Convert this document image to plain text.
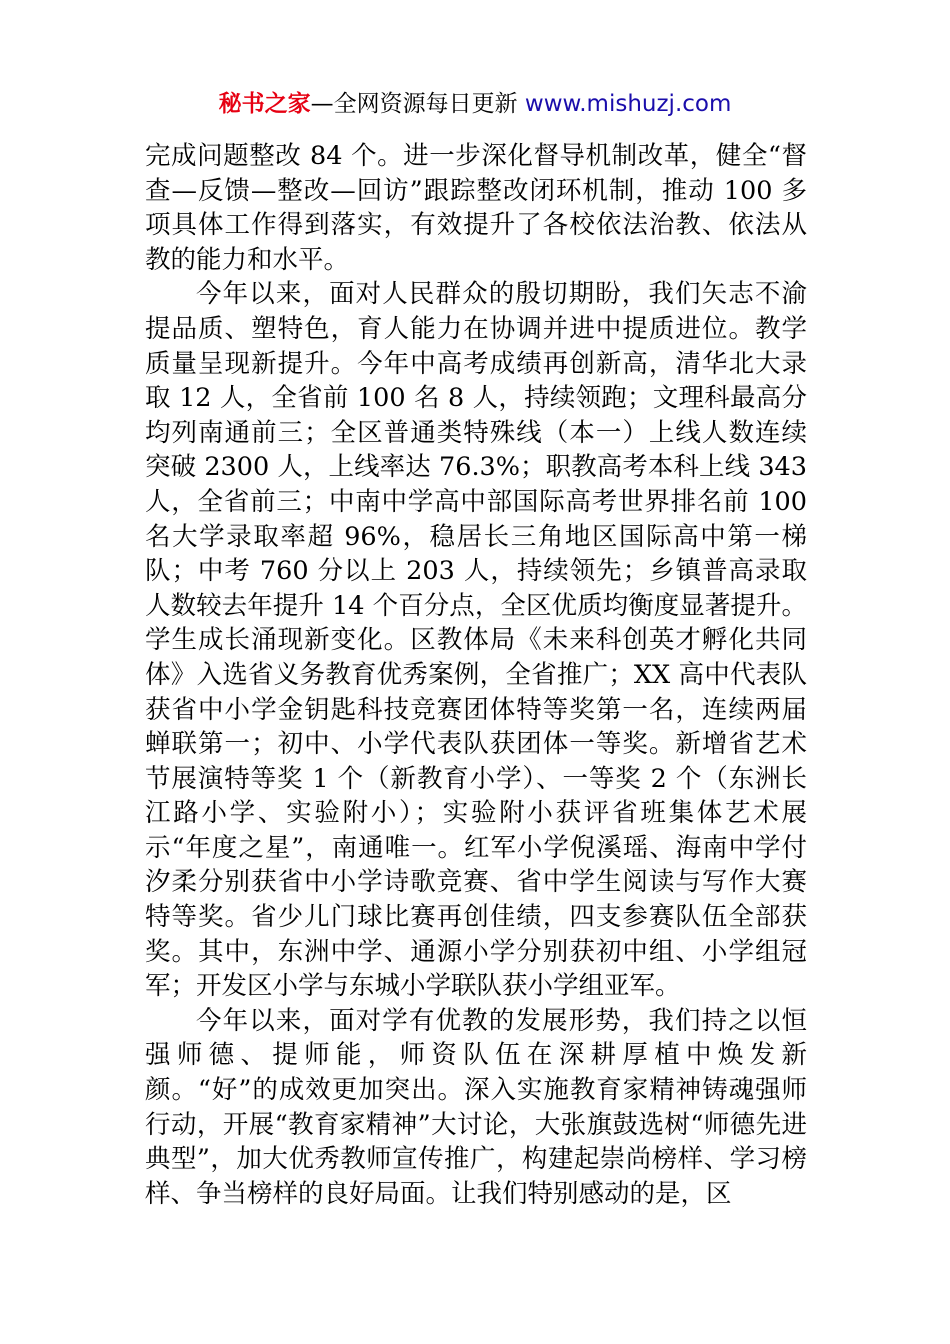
秘书之家—全网资源每日更新 www.mishuzj.com

完成问题整改 84 个。进一步深化督导机制改革，健全“督查—反馈—整改—回访”跟踪整改闭环机制，推动 100 多项具体工作得到落实，有效提升了各校依法治教、依法从教的能力和水平。

今年以来，面对人民群众的殷切期盼，我们矢志不渝提品质、塑特色，育人能力在协调并进中提质进位。教学质量呈现新提升。今年中高考成绩再创新高，清华北大录取 12 人，全省前 100 名 8 人，持续领跑；文理科最高分均列南通前三；全区普通类特殊线（本一）上线人数连续突破 2300 人，上线率达 76.3%；职教高考本科上线 343 人，全省前三；中南中学高中部国际高考世界排名前 100 名大学录取率超 96%，稳居长三角地区国际高中第一梯队；中考 760 分以上 203 人，持续领先；乡镇普高录取人数较去年提升 14 个百分点，全区优质均衡度显著提升。学生成长涌现新变化。区教体局《未来科创英才孵化共同体》入选省义务教育优秀案例，全省推广；XX 高中代表队获省中小学金钥匙科技竞赛团体特等奖第一名，连续两届蝉联第一；初中、小学代表队获团体一等奖。新增省艺术节展演特等奖 1 个（新教育小学）、一等奖 2 个（东洲长江路小学、实验附小）；实验附小获评省班集体艺术展示“年度之星”，南通唯一。红军小学倪溪瑶、海南中学付汐柔分别获省中小学诗歌竞赛、省中学生阅读与写作大赛特等奖。省少儿门球比赛再创佳绩，四支参赛队伍全部获奖。其中，东洲中学、通源小学分别获初中组、小学组冠军；开发区小学与东城小学联队获小学组亚军。

今年以来，面对学有优教的发展形势，我们持之以恒强师德、提师能，师资队伍在深耕厚植中焕发新颜。“好”的成效更加突出。深入实施教育家精神铸魂强师行动，开展“教育家精神”大讨论，大张旗鼓选树“师德先进典型”，加大优秀教师宣传推广，构建起崇尚榜样、学习榜样、争当榜样的良好局面。让我们特别感动的是，区
